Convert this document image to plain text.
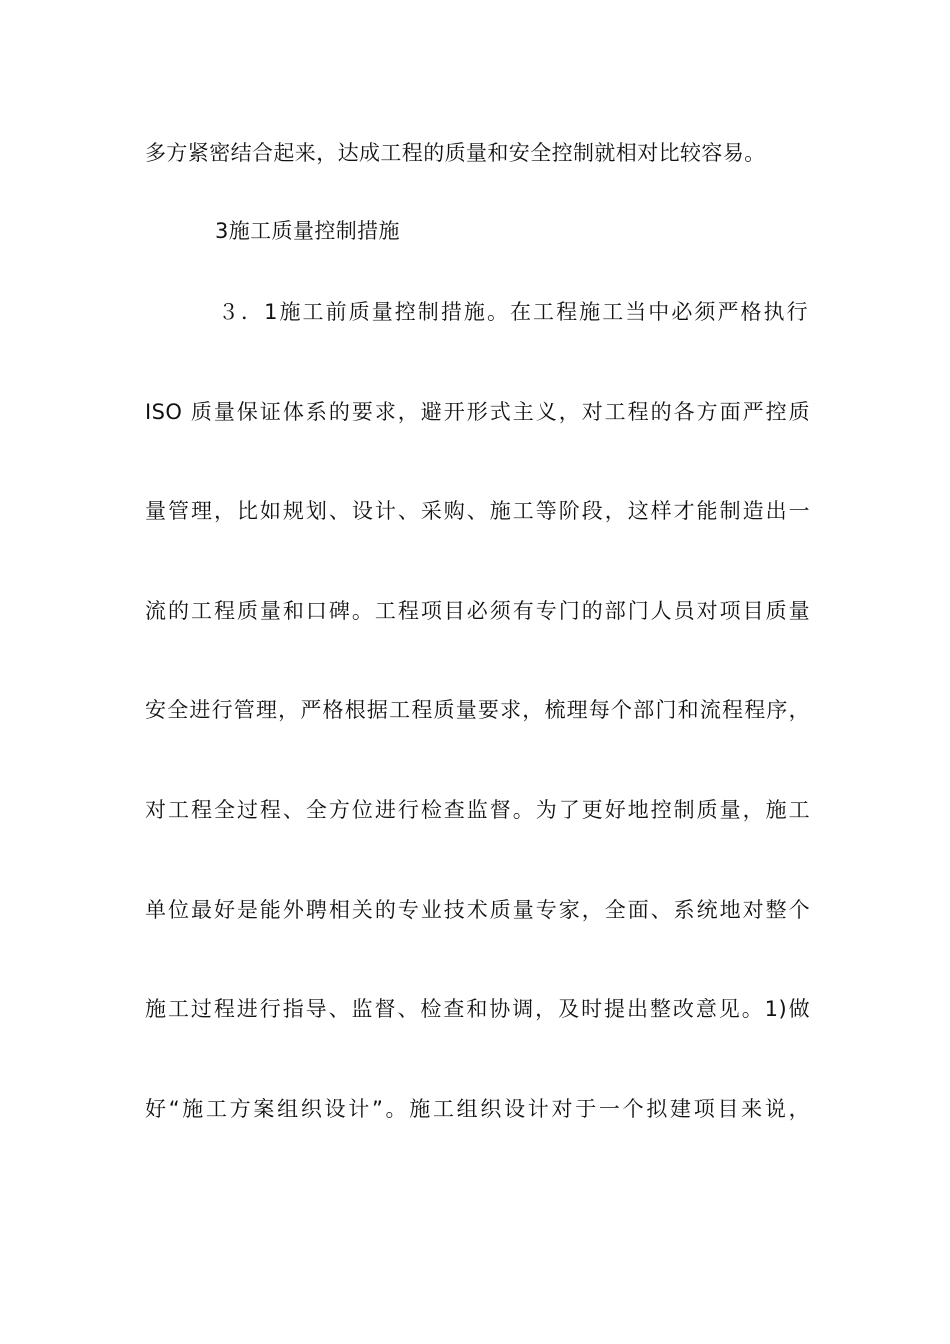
多方紧密结合起来，达成工程的质量和安全控制就相对比较容易。
3施工质量控制措施
３．1施工前质量控制措施。在工程施工当中必须严格执行
ISO 质量保证体系的要求，避开形式主义，对工程的各方面严控质
量管理，比如规划、设计、采购、施工等阶段，这样才能制造出一
流的工程质量和口碑。工程项目必须有专门的部门人员对项目质量
安全进行管理，严格根据工程质量要求，梳理每个部门和流程程序，
对工程全过程、全方位进行检查监督。为了更好地控制质量，施工
单位最好是能外聘相关的专业技术质量专家，全面、系统地对整个
施工过程进行指导、监督、检查和协调，及时提出整改意见。1)做
好“施工方案组织设计”。施工组织设计对于一个拟建项目来说，
